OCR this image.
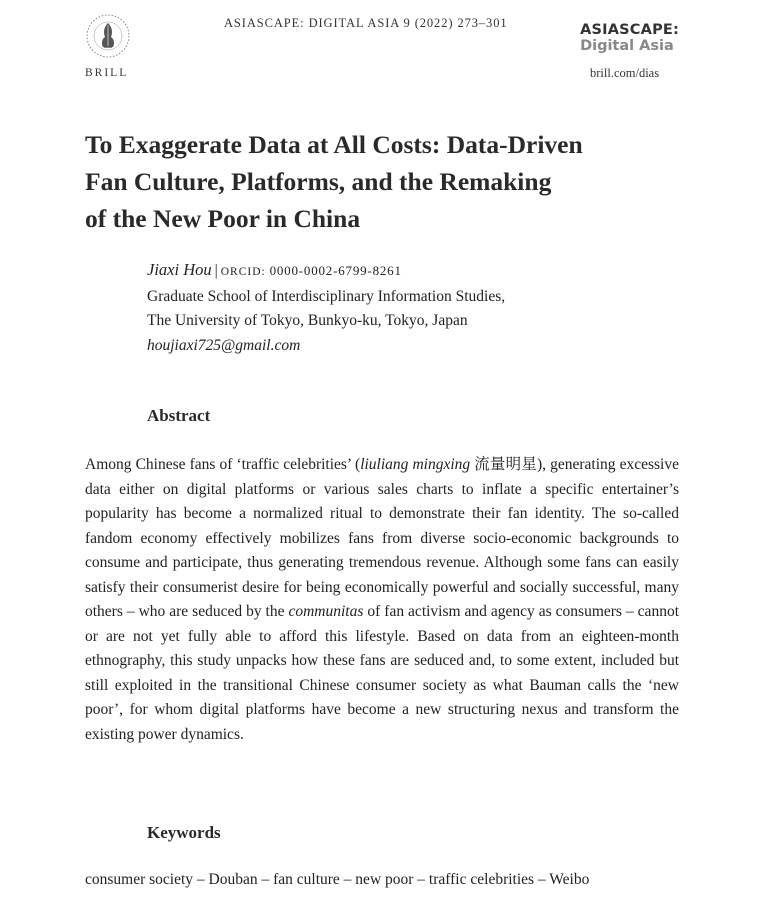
BRILL
ASIASCAPE: DIGITAL ASIA 9 (2022) 273–301	ASIASCAPE:
Digital Asia
brill.com/dias
To Exaggerate Data at All Costs: Data-Driven
Fan Culture, Platforms, and the Remaking
of the New Poor in China
Jiaxi Hou | ORCID: 0000-0002-6799-8261
Graduate School of Interdisciplinary Information Studies,
The University of Tokyo, Bunkyo-ku, Tokyo, Japan
houjiaxi725@gmail.com
Abstract

Among Chinese fans of ‘traffic celebrities’ (liuliang mingxing 流量明星), generating excessive data either on digital platforms or various sales charts to inflate a specific entertainer’s popularity has become a normalized ritual to demonstrate their fan identity. The so-called fandom economy effectively mobilizes fans from diverse socio-economic backgrounds to consume and participate, thus generating tremendous revenue. Although some fans can easily satisfy their consumerist desire for being economically powerful and socially successful, many others – who are seduced by the communitas of fan activism and agency as consumers – cannot or are not yet fully able to afford this lifestyle. Based on data from an eighteen-month ethnography, this study unpacks how these fans are seduced and, to some extent, included but still exploited in the transitional Chinese consumer society as what Bauman calls the ‘new poor’, for whom digital platforms have become a new structuring nexus and transform the existing power dynamics.

Keywords

consumer society – Douban – fan culture – new poor – traffic celebrities – Weibo
